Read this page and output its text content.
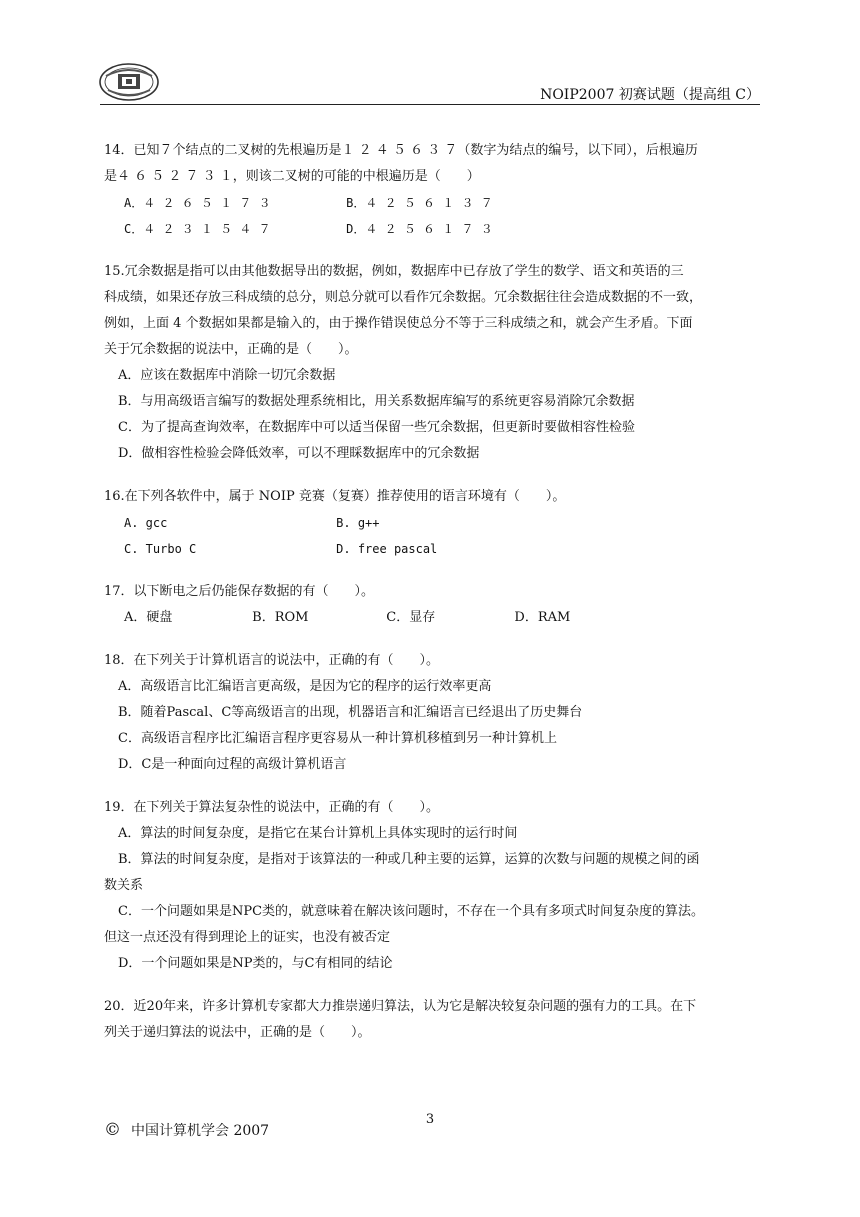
NOIP2007 初赛试题（提高组 C）
14．已知７个结点的二叉树的先根遍历是１ ２ ４ ５ ６ ３ ７（数字为结点的编号，以下同），后根遍历
是４ ６ ５ ２ ７ ３ １，则该二叉树的可能的中根遍历是（　　）
A．４ ２ ６ ５ １ ７ ３	B．４ ２ ５ ６ １ ３ ７
C．４ ２ ３ １ ５ ４ ７	D．４ ２ ５ ６ １ ７ ３
15.冗余数据是指可以由其他数据导出的数据，例如，数据库中已存放了学生的数学、语文和英语的三
科成绩，如果还存放三科成绩的总分，则总分就可以看作冗余数据。冗余数据往往会造成数据的不一致，
例如，上面 4 个数据如果都是输入的，由于操作错误使总分不等于三科成绩之和，就会产生矛盾。下面
关于冗余数据的说法中，正确的是（　　）。
A．应该在数据库中消除一切冗余数据
B．与用高级语言编写的数据处理系统相比，用关系数据库编写的系统更容易消除冗余数据
C．为了提高查询效率，在数据库中可以适当保留一些冗余数据，但更新时要做相容性检验
D．做相容性检验会降低效率，可以不理睬数据库中的冗余数据
16.在下列各软件中，属于 NOIP 竞赛（复赛）推荐使用的语言环境有（　　）。
A. gcc	B. g++
C. Turbo C	D. free pascal
17．以下断电之后仍能保存数据的有（　　）。
A．硬盘	B．ROM	C．显存	D．RAM
18．在下列关于计算机语言的说法中，正确的有（　　）。
A．高级语言比汇编语言更高级，是因为它的程序的运行效率更高
B．随着Pascal、C等高级语言的出现，机器语言和汇编语言已经退出了历史舞台
C．高级语言程序比汇编语言程序更容易从一种计算机移植到另一种计算机上
D．C是一种面向过程的高级计算机语言
19．在下列关于算法复杂性的说法中，正确的有（　　）。
A．算法的时间复杂度，是指它在某台计算机上具体实现时的运行时间
B．算法的时间复杂度，是指对于该算法的一种或几种主要的运算，运算的次数与问题的规模之间的函
数关系
C．一个问题如果是NPC类的，就意味着在解决该问题时，不存在一个具有多项式时间复杂度的算法。
但这一点还没有得到理论上的证实，也没有被否定
D．一个问题如果是NP类的，与C有相同的结论
20．近20年来，许多计算机专家都大力推崇递归算法，认为它是解决较复杂问题的强有力的工具。在下
列关于递归算法的说法中，正确的是（　　）。
3
© 中国计算机学会 2007
